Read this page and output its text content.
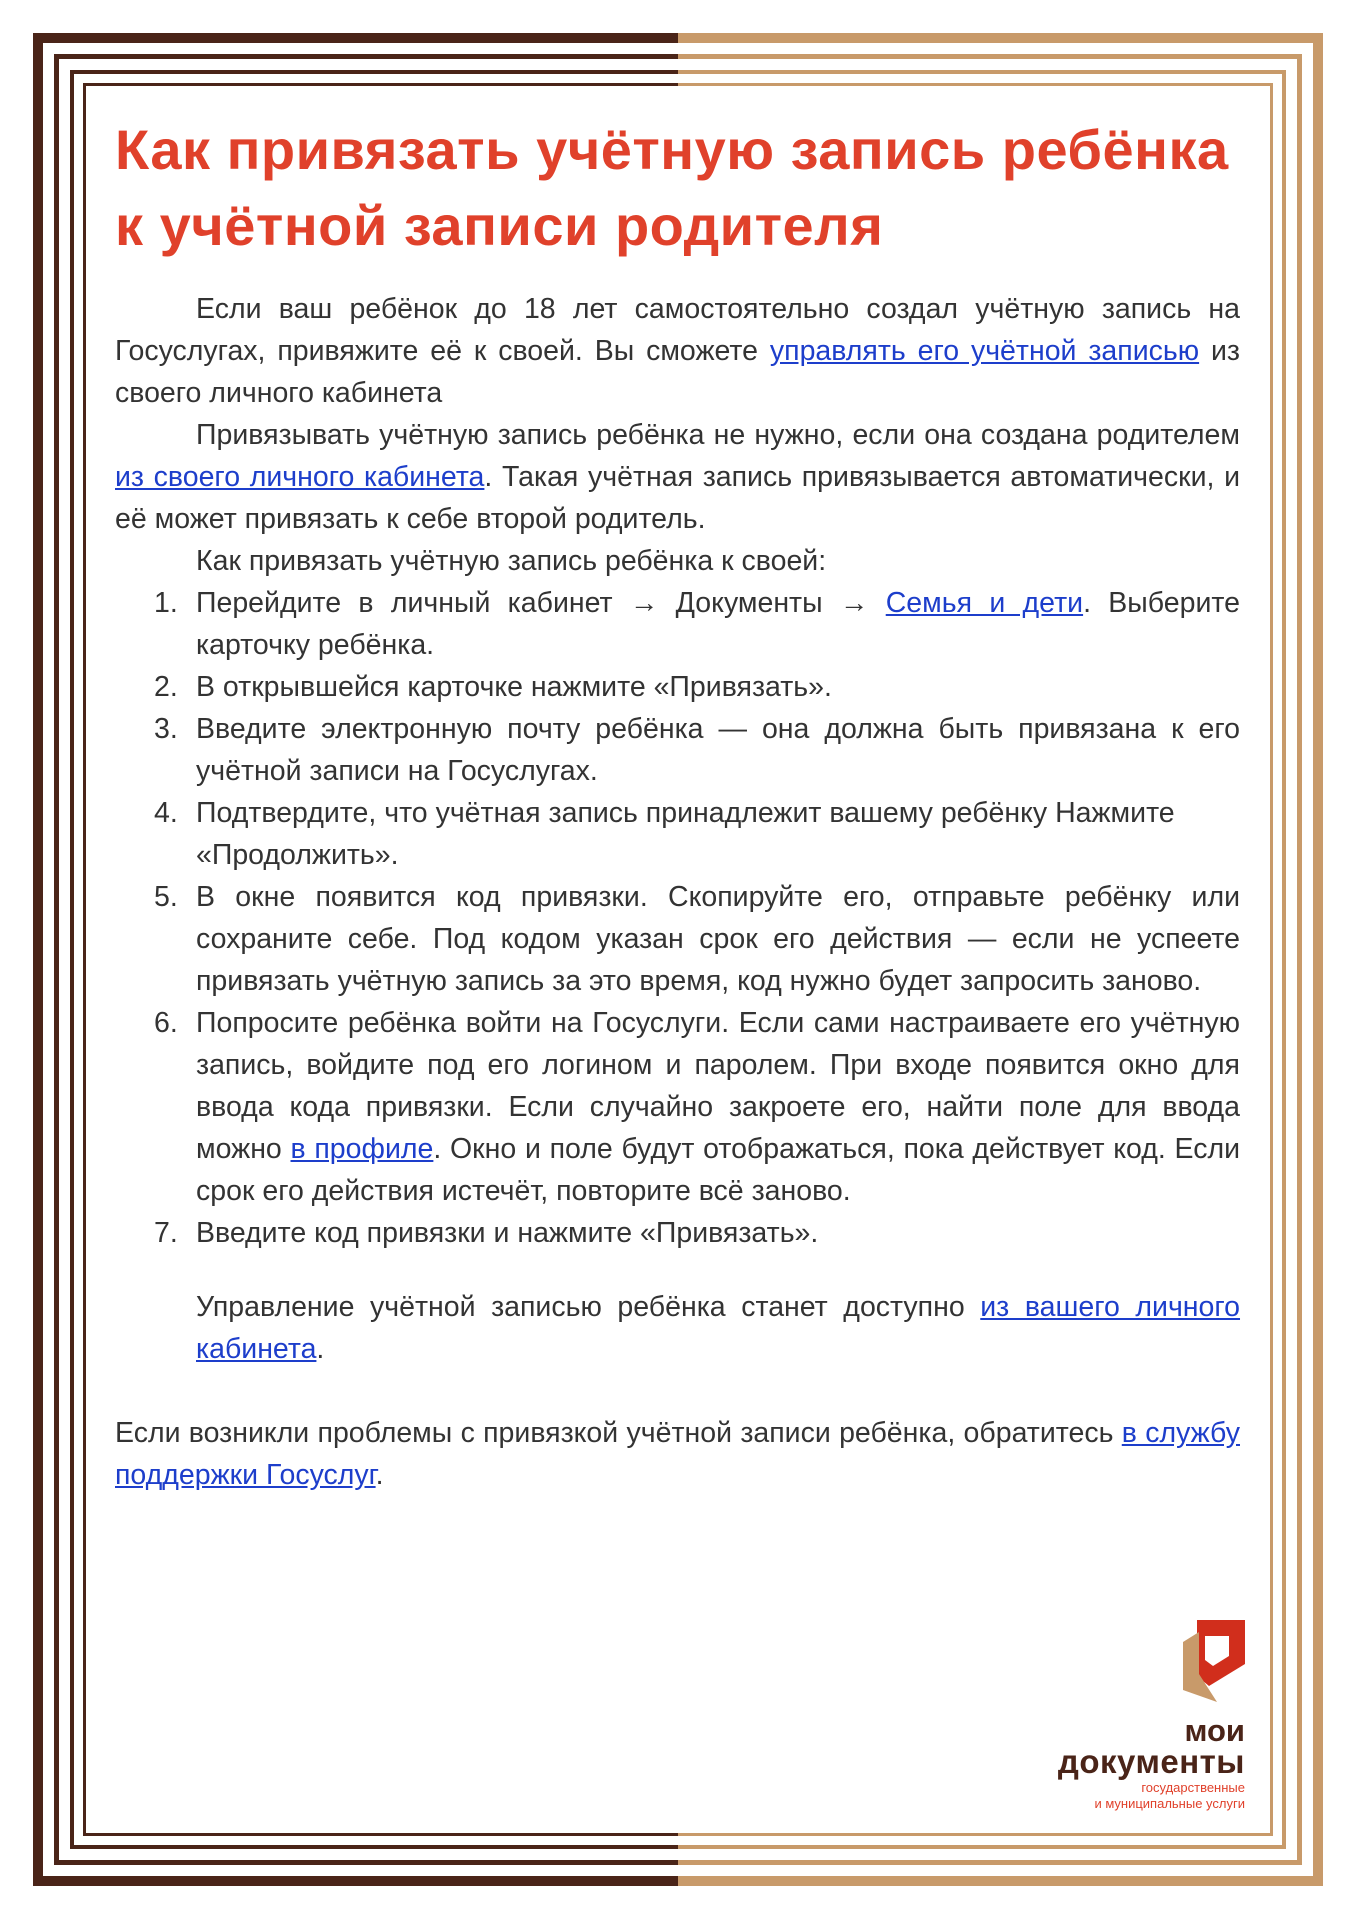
Как привязать учётную запись ребёнка к учётной записи родителя

Если ваш ребёнок до 18 лет самостоятельно создал учётную запись на Госуслугах, привяжите её к своей. Вы сможете управлять его учётной записью из своего личного кабинета

Привязывать учётную запись ребёнка не нужно, если она создана родителем из своего личного кабинета. Такая учётная запись привязывается автоматически, и её может привязать к себе второй родитель.

Как привязать учётную запись ребёнка к своей:

1. Перейдите в личный кабинет → Документы → Семья и дети. Выберите карточку ребёнка.
2. В открывшейся карточке нажмите «Привязать».
3. Введите электронную почту ребёнка — она должна быть привязана к его учётной записи на Госуслугах.
4. Подтвердите, что учётная запись принадлежит вашему ребёнку Нажмите «Продолжить».
5. В окне появится код привязки. Скопируйте его, отправьте ребёнку или сохраните себе. Под кодом указан срок его действия — если не успеете привязать учётную запись за это время, код нужно будет запросить заново.
6. Попросите ребёнка войти на Госуслуги. Если сами настраиваете его учётную запись, войдите под его логином и паролем. При входе появится окно для ввода кода привязки. Если случайно закроете его, найти поле для ввода можно в профиле. Окно и поле будут отображаться, пока действует код. Если срок его действия истечёт, повторите всё заново.
7. Введите код привязки и нажмите «Привязать».

Управление учётной записью ребёнка станет доступно из вашего личного кабинета.

Если возникли проблемы с привязкой учётной записи ребёнка, обратитесь в службу поддержки Госуслуг.

мои
документы
государственные
и муниципальные услуги
